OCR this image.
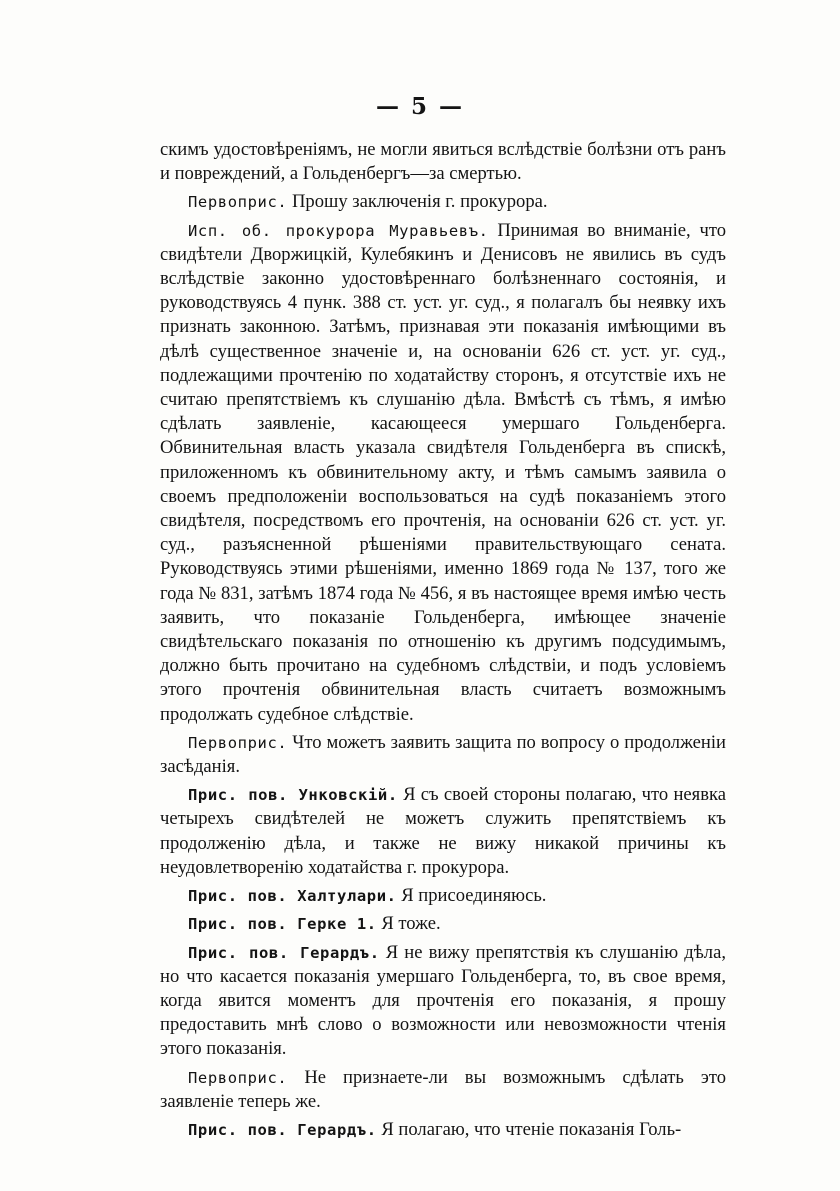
— 5 —

скимъ удостовѣреніямъ, не могли явиться вслѣдствіе болѣзни отъ ранъ и повреждений, а Гольденбергъ—за смертью.

Первоприс. Прошу заключенія г. прокурора.

Исп. об. прокурора Муравьевъ. Принимая во вниманіе, что свидѣтели Дворжицкій, Кулебякинъ и Денисовъ не явились въ судъ вслѣдствіе законно удостовѣреннаго болѣзненнаго состоянія, и руководствуясь 4 пунк. 388 ст. уст. уг. суд., я полагалъ бы неявку ихъ признать законною. Затѣмъ, признавая эти показанія имѣющими въ дѣлѣ существенное значеніе и, на основаніи 626 ст. уст. уг. суд., подлежащими прочтенію по ходатайству сторонъ, я отсутствіе ихъ не считаю препятствіемъ къ слушанію дѣла. Вмѣстѣ съ тѣмъ, я имѣю сдѣлать заявленіе, касающееся умершаго Гольденберга. Обвинительная власть указала свидѣтеля Гольденберга въ спискѣ, приложенномъ къ обвинительному акту, и тѣмъ самымъ заявила о своемъ предположеніи воспользоваться на судѣ показаніемъ этого свидѣтеля, посредствомъ его прочтенія, на основаніи 626 ст. уст. уг. суд., разъясненной рѣшеніями правительствующаго сената. Руководствуясь этими рѣшеніями, именно 1869 года № 137, того же года № 831, затѣмъ 1874 года № 456, я въ настоящее время имѣю честь заявить, что показаніе Гольденберга, имѣющее значеніе свидѣтельскаго показанія по отношенію къ другимъ подсудимымъ, должно быть прочитано на судебномъ слѣдствіи, и подъ условіемъ этого прочтенія обвинительная власть считаетъ возможнымъ продолжать судебное слѣдствіе.

Первоприс. Что можетъ заявить защита по вопросу о продолженіи засѣданія.

Прис. пов. Унковскій. Я съ своей стороны полагаю, что неявка четырехъ свидѣтелей не можетъ служить препятствіемъ къ продолженію дѣла, и также не вижу никакой причины къ неудовлетворенію ходатайства г. прокурора.

Прис. пов. Халтулари. Я присоединяюсь.

Прис. пов. Герке 1. Я тоже.

Прис. пов. Герардъ. Я не вижу препятствія къ слушанію дѣла, но что касается показанія умершаго Гольденберга, то, въ свое время, когда явится моментъ для прочтенія его показанія, я прошу предоставить мнѣ слово о возможности или невозможности чтенія этого показанія.

Первоприс. Не признаете-ли вы возможнымъ сдѣлать это заявленіе теперь же.

Прис. пов. Герардъ. Я полагаю, что чтеніе показанія Голь-
